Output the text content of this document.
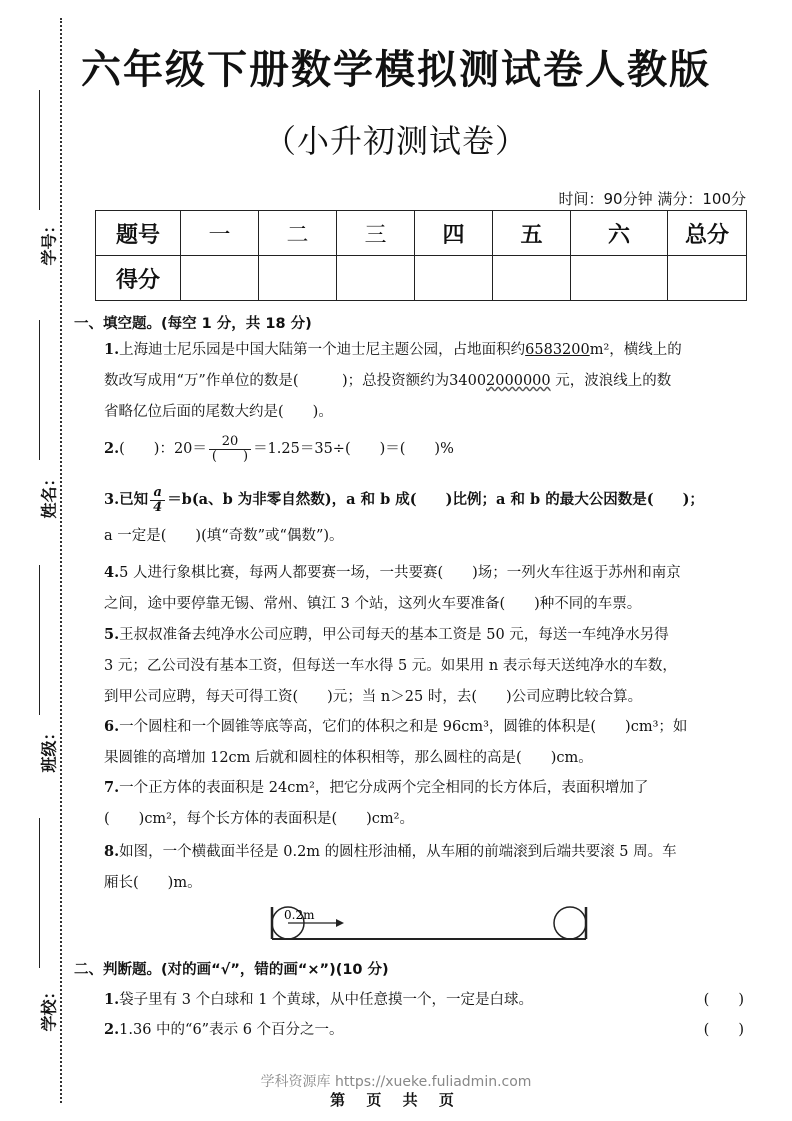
学号：
姓名：
班级：
学校：
六年级下册数学模拟测试卷人教版
（小升初测试卷）
时间：90分钟 满分：100分
题号	一	二	三	四	五	六	总分
得分							
一、填空题。(每空 1 分，共 18 分)
1.上海迪士尼乐园是中国大陆第一个迪士尼主题公园，占地面积约6583200m²，横线上的
数改写成用“万”作单位的数是(　　　)；总投资额约为34002000000 元，波浪线上的数
省略亿位后面的尾数大约是(　　)。
2.(　　)：$20= \frac{20}{( )} =1.25=35\div$(　　)＝(　　)%
3.已知 $\frac{a}{4} =b(a$、b 为非零自然数)，a 和 b 成(　　)比例；a 和 b 的最大公因数是(　　)；
a 一定是(　　)(填“奇数”或“偶数”)。
4.5 人进行象棋比赛，每两人都要赛一场，一共要赛(　　)场；一列火车往返于苏州和南京
之间，途中要停靠无锡、常州、镇江 3 个站，这列火车要准备(　　)种不同的车票。
5.王叔叔准备去纯净水公司应聘，甲公司每天的基本工资是 50 元，每送一车纯净水另得
3 元；乙公司没有基本工资，但每送一车水得 5 元。如果用 n 表示每天送纯净水的车数，
到甲公司应聘，每天可得工资(　　)元；当 n＞25 时，去(　　)公司应聘比较合算。
6.一个圆柱和一个圆锥等底等高，它们的体积之和是 96cm³，圆锥的体积是(　　)cm³；如
果圆锥的高增加 12cm 后就和圆柱的体积相等，那么圆柱的高是(　　)cm。
7.一个正方体的表面积是 24cm²，把它分成两个完全相同的长方体后，表面积增加了
(　　)cm²，每个长方体的表面积是(　　)cm²。
8.如图，一个横截面半径是 0.2m 的圆柱形油桶，从车厢的前端滚到后端共要滚 5 周。车
厢长(　　)m。
0.2m
二、判断题。(对的画“√”，错的画“×”)(10 分)
1.袋子里有 3 个白球和 1 个黄球，从中任意摸一个，一定是白球。	(　　)
2.1.36 中的“6”表示 6 个百分之一。	(　　)
学科资源库 https://xueke.fuliadmin.com
第 页 共 页
